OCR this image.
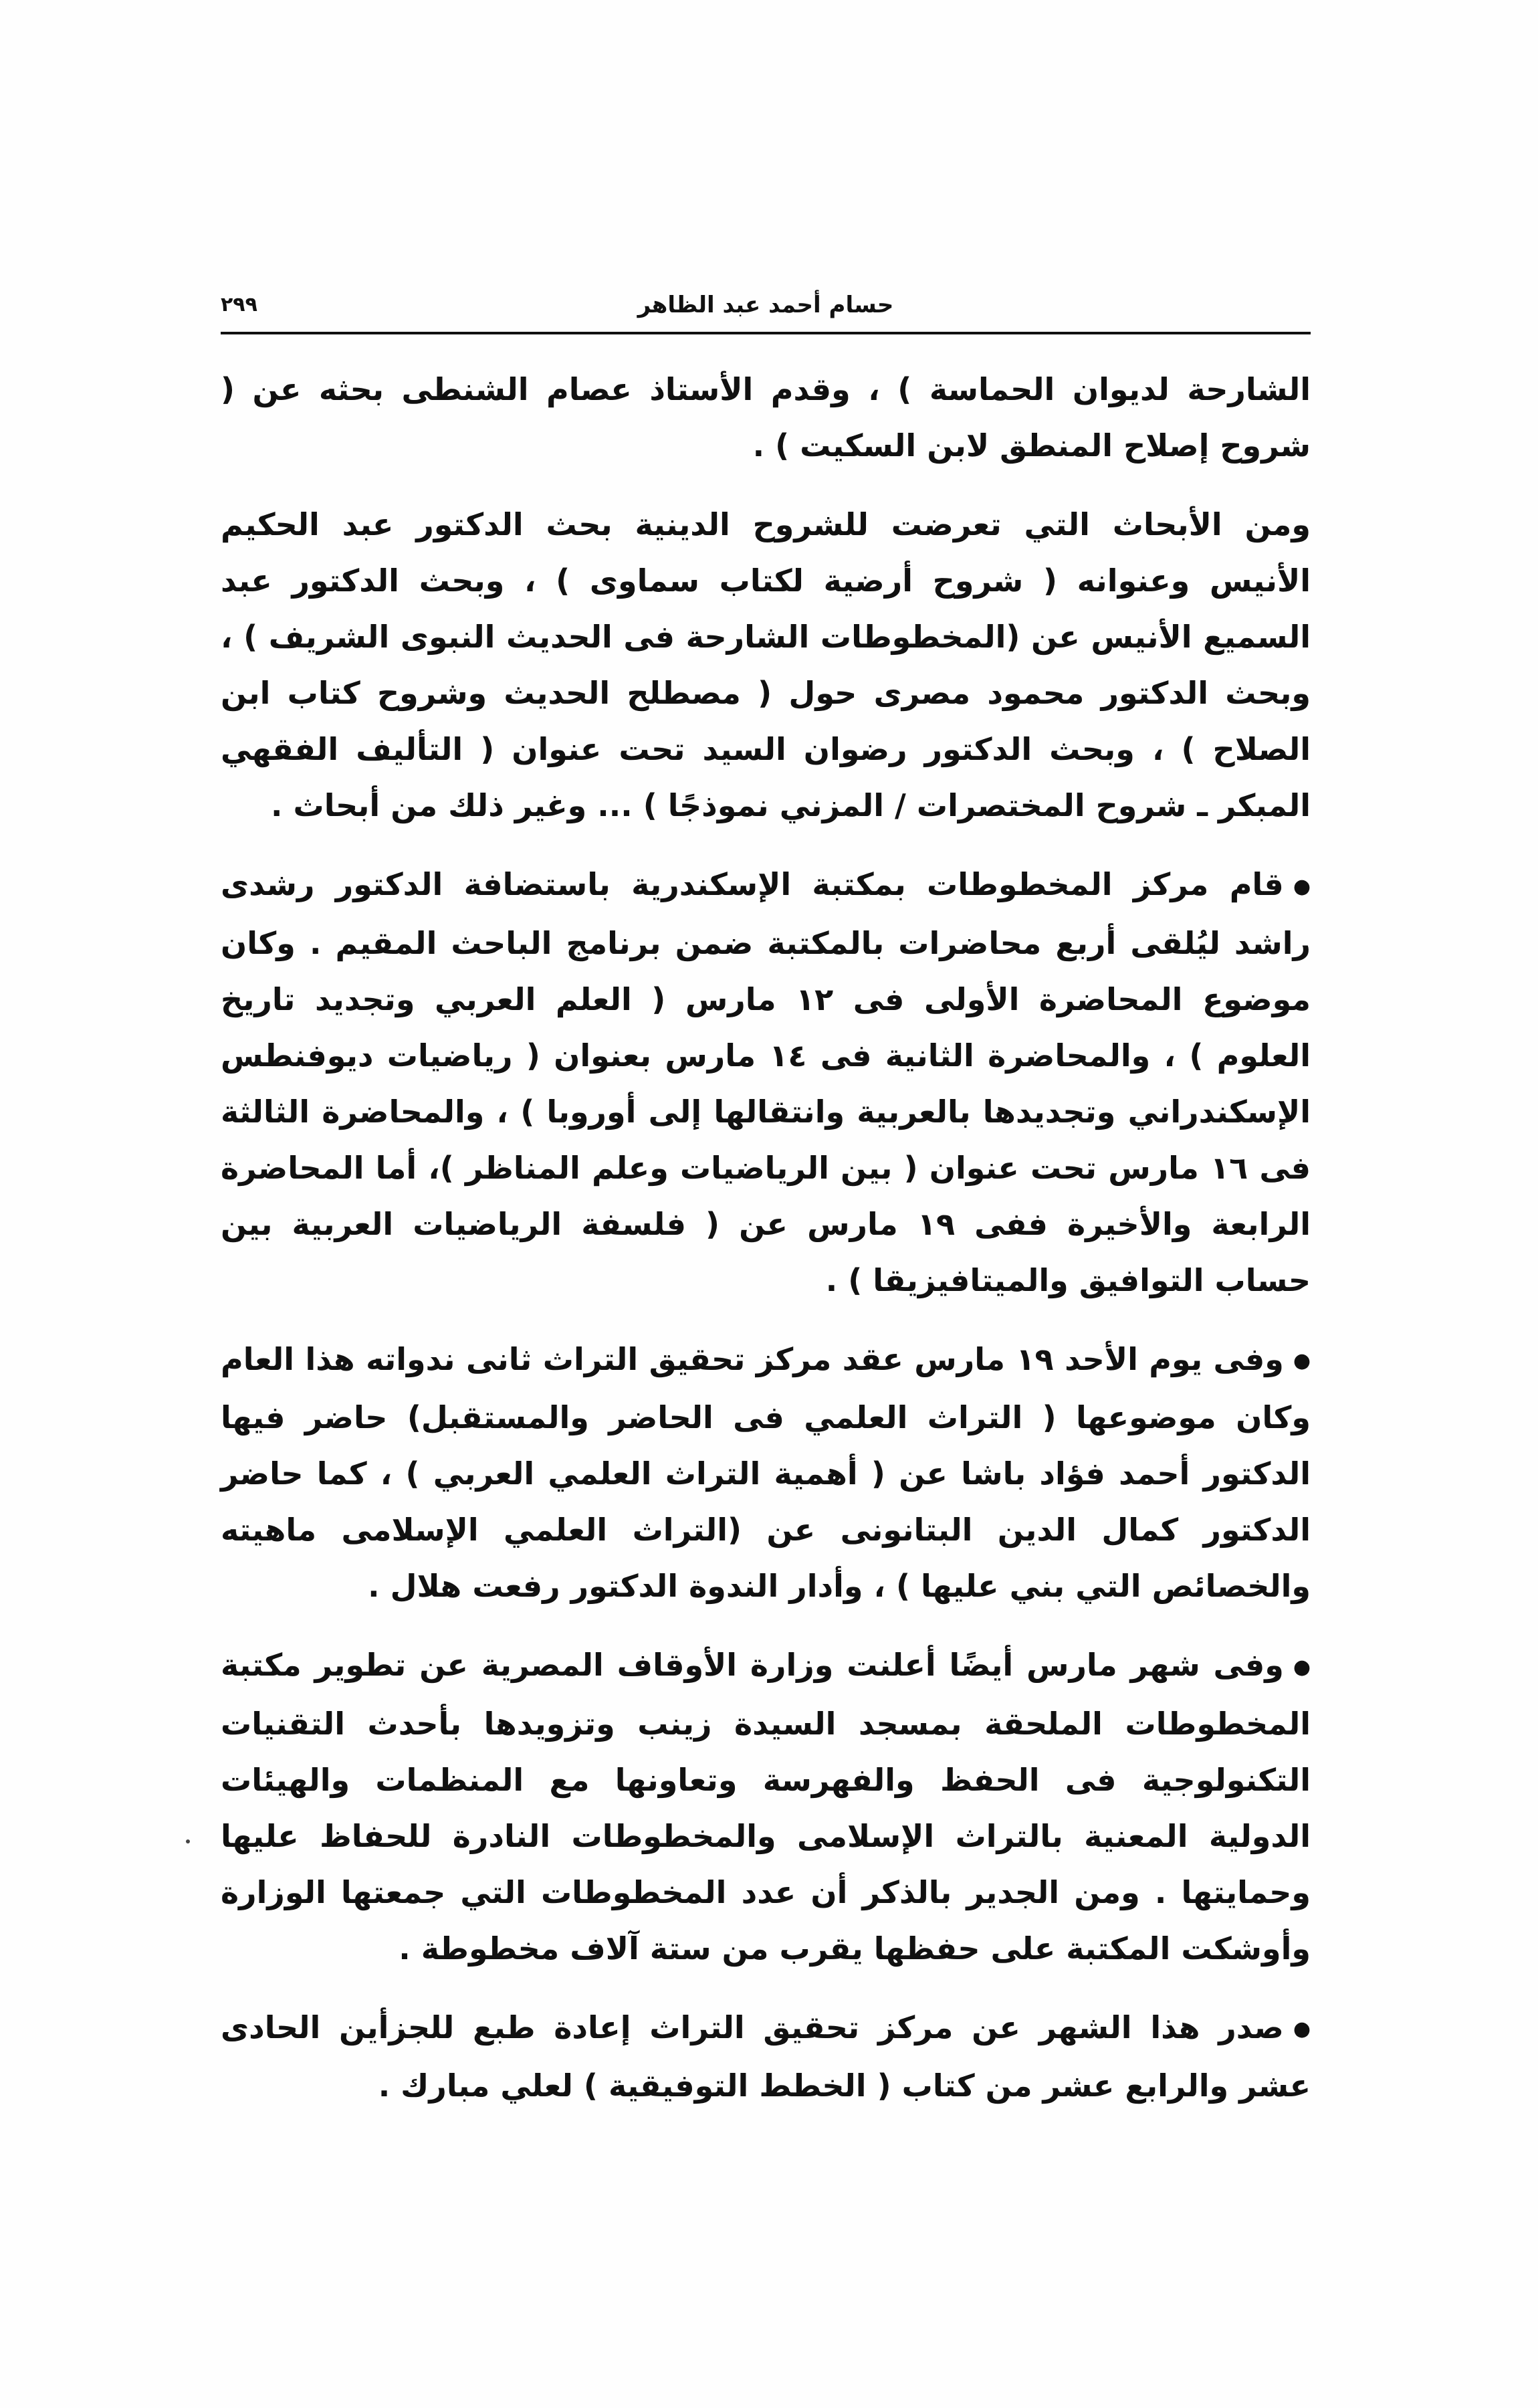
حسام أحمد عبد الظاهر
٢٩٩

الشارحة لديوان الحماسة ) ، وقدم الأستاذ عصام الشنطى بحثه عن ( شروح إصلاح المنطق لابن السكيت ) .

ومن الأبحاث التي تعرضت للشروح الدينية بحث الدكتور عبد الحكيم الأنيس وعنوانه ( شروح أرضية لكتاب سماوى ) ، وبحث الدكتور عبد السميع الأنيس عن (المخطوطات الشارحة فى الحديث النبوى الشريف ) ، وبحث الدكتور محمود مصرى حول ( مصطلح الحديث وشروح كتاب ابن الصلاح ) ، وبحث الدكتور رضوان السيد تحت عنوان ( التأليف الفقهي المبكر ـ شروح المختصرات / المزني نموذجًا ) ... وغير ذلك من أبحاث .

●قام مركز المخطوطات بمكتبة الإسكندرية باستضافة الدكتور رشدى راشد ليُلقى أربع محاضرات بالمكتبة ضمن برنامج الباحث المقيم . وكان موضوع المحاضرة الأولى فى ١٢ مارس ( العلم العربي وتجديد تاريخ العلوم ) ، والمحاضرة الثانية فى ١٤ مارس بعنوان ( رياضيات ديوفنطس الإسكندراني وتجديدها بالعربية وانتقالها إلى أوروبا ) ، والمحاضرة الثالثة فى ١٦ مارس تحت عنوان ( بين الرياضيات وعلم المناظر )، أما المحاضرة الرابعة والأخيرة ففى ١٩ مارس عن ( فلسفة الرياضيات العربية بين حساب التوافيق والميتافيزيقا ) .

●وفى يوم الأحد ١٩ مارس عقد مركز تحقيق التراث ثانى ندواته هذا العام وكان موضوعها ( التراث العلمي فى الحاضر والمستقبل) حاضر فيها الدكتور أحمد فؤاد باشا عن ( أهمية التراث العلمي العربي ) ، كما حاضر الدكتور كمال الدين البتانونى عن (التراث العلمي الإسلامى ماهيته والخصائص التي بني عليها ) ، وأدار الندوة الدكتور رفعت هلال .

●وفى شهر مارس أيضًا أعلنت وزارة الأوقاف المصرية عن تطوير مكتبة المخطوطات الملحقة بمسجد السيدة زينب وتزويدها بأحدث التقنيات التكنولوجية فى الحفظ والفهرسة وتعاونها مع المنظمات والهيئات الدولية المعنية بالتراث الإسلامى والمخطوطات النادرة للحفاظ عليها وحمايتها . ومن الجدير بالذكر أن عدد المخطوطات التي جمعتها الوزارة وأوشكت المكتبة على حفظها يقرب من ستة آلاف مخطوطة .

●صدر هذا الشهر عن مركز تحقيق التراث إعادة طبع للجزأين الحادى عشر والرابع عشر من كتاب ( الخطط التوفيقية ) لعلي مبارك .
